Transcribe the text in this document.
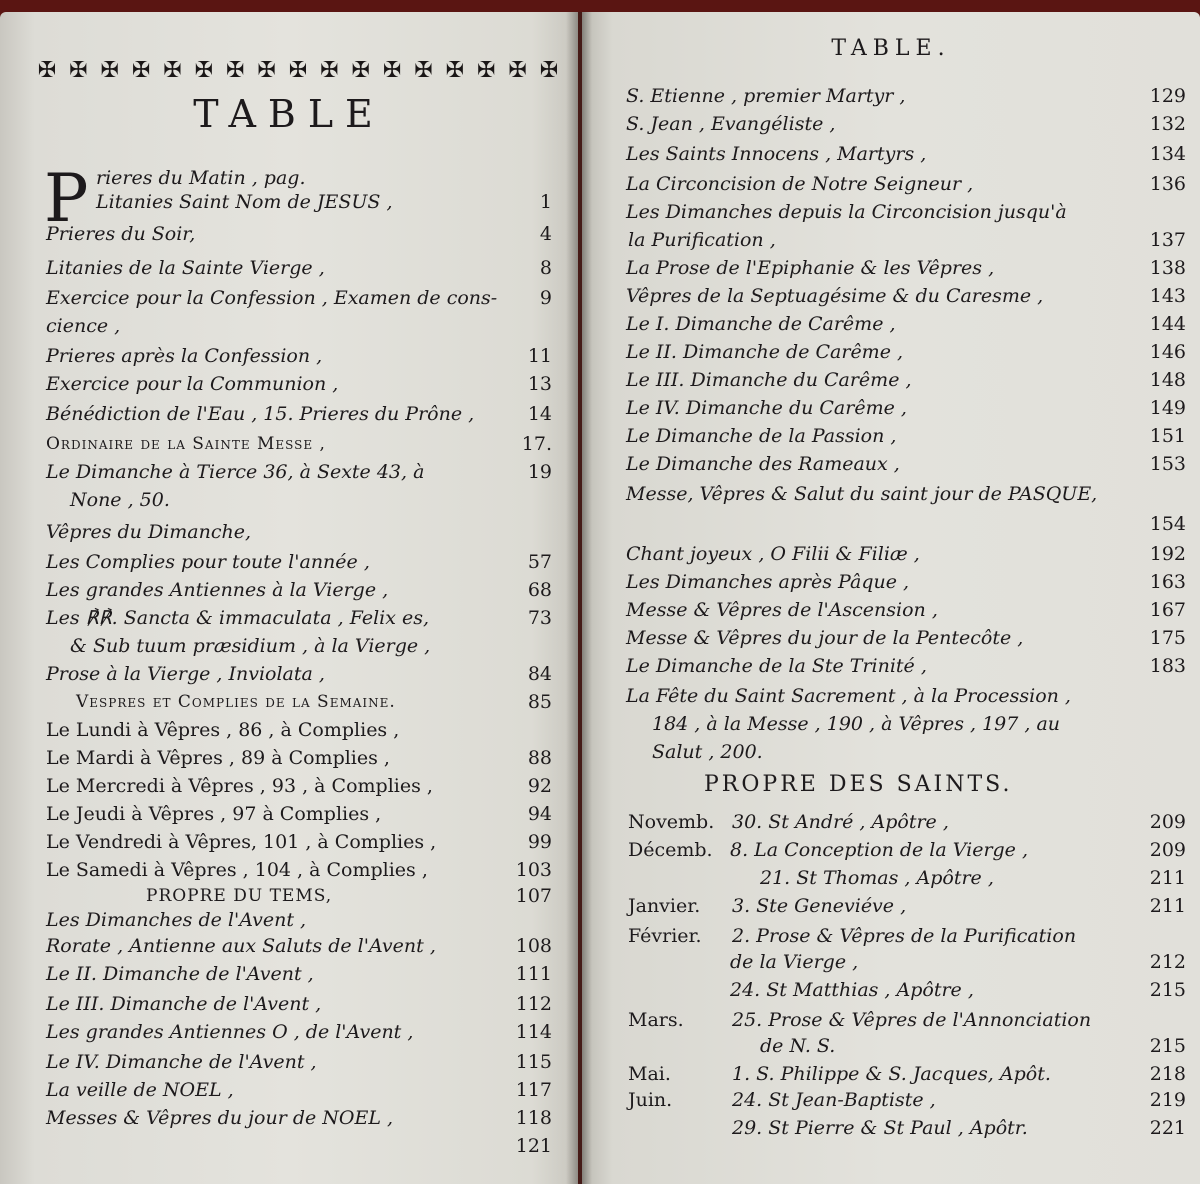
✠ ✠ ✠ ✠ ✠ ✠ ✠ ✠ ✠ ✠ ✠ ✠ ✠ ✠ ✠ ✠ ✠
TABLE
P rieres du Matin , pag.
Litanies Saint Nom de JESUS ,	1
Prieres du Soir,	4
Litanies de la Sainte Vierge ,	8
Exercice pour la Confession , Examen de cons- 9
cience ,
Prieres après la Confession ,	11
Exercice pour la Communion ,	13
Bénédiction de l'Eau , 15. Prieres du Prône ,	14
Ordinaire de la Sainte Messe ,	17.
Le Dimanche à Tierce 36, à Sexte 43, à	19
None , 50.
Vêpres du Dimanche,
Les Complies pour toute l'année ,	57
Les grandes Antiennes à la Vierge ,	68
Les ℟℟. Sancta & immaculata , Felix es,	73
& Sub tuum præsidium , à la Vierge ,
Prose à la Vierge , Inviolata ,	84
Vespres et Complies de la Semaine.	85
Le Lundi à Vêpres , 86 , à Complies ,
Le Mardi à Vêpres , 89 à Complies ,	88
Le Mercredi à Vêpres , 93 , à Complies ,	92
Le Jeudi à Vêpres , 97 à Complies ,	94
Le Vendredi à Vêpres, 101 , à Complies ,	99
Le Samedi à Vêpres , 104 , à Complies ,	103
PROPRE DU TEMS,	107
Les Dimanches de l'Avent ,
Rorate , Antienne aux Saluts de l'Avent ,	108
Le II. Dimanche de l'Avent ,	111
Le III. Dimanche de l'Avent ,	112
Les grandes Antiennes O , de l'Avent ,	114
Le IV. Dimanche de l'Avent ,	115
La veille de NOEL ,	117
Messes & Vêpres du jour de NOEL ,	118
121
TABLE.
S. Etienne , premier Martyr ,	129
S. Jean , Evangéliste ,	132
Les Saints Innocens , Martyrs ,	134
La Circoncision de Notre Seigneur ,	136
Les Dimanches depuis la Circoncision jusqu'à
la Purification ,	137
La Prose de l'Epiphanie & les Vêpres ,	138
Vêpres de la Septuagésime & du Caresme ,	143
Le I. Dimanche de Carême ,	144
Le II. Dimanche de Carême ,	146
Le III. Dimanche du Carême ,	148
Le IV. Dimanche du Carême ,	149
Le Dimanche de la Passion ,	151
Le Dimanche des Rameaux ,	153
Messe, Vêpres & Salut du saint jour de PASQUE,
154
Chant joyeux , O Filii & Filiæ ,	192
Les Dimanches après Pâque ,	163
Messe & Vêpres de l'Ascension ,	167
Messe & Vêpres du jour de la Pentecôte ,	175
Le Dimanche de la Ste Trinité ,	183
La Fête du Saint Sacrement , à la Procession ,
184 , à la Messe , 190 , à Vêpres , 197 , au
Salut , 200.
PROPRE DES SAINTS.
Novemb. 30. St André , Apôtre ,	209
Décemb. 8. La Conception de la Vierge ,	209
21. St Thomas , Apôtre ,	211
Janvier. 3. Ste Geneviéve ,	211
Février. 2. Prose & Vêpres de la Purification
de la Vierge ,	212
24. St Matthias , Apôtre ,	215
Mars.	25. Prose & Vêpres de l'Annonciation
de N. S.	215
Mai.	1. S. Philippe & S. Jacques, Apôt.	218
Juin.	24. St Jean-Baptiste ,	219
29. St Pierre & St Paul , Apôtr.	221
